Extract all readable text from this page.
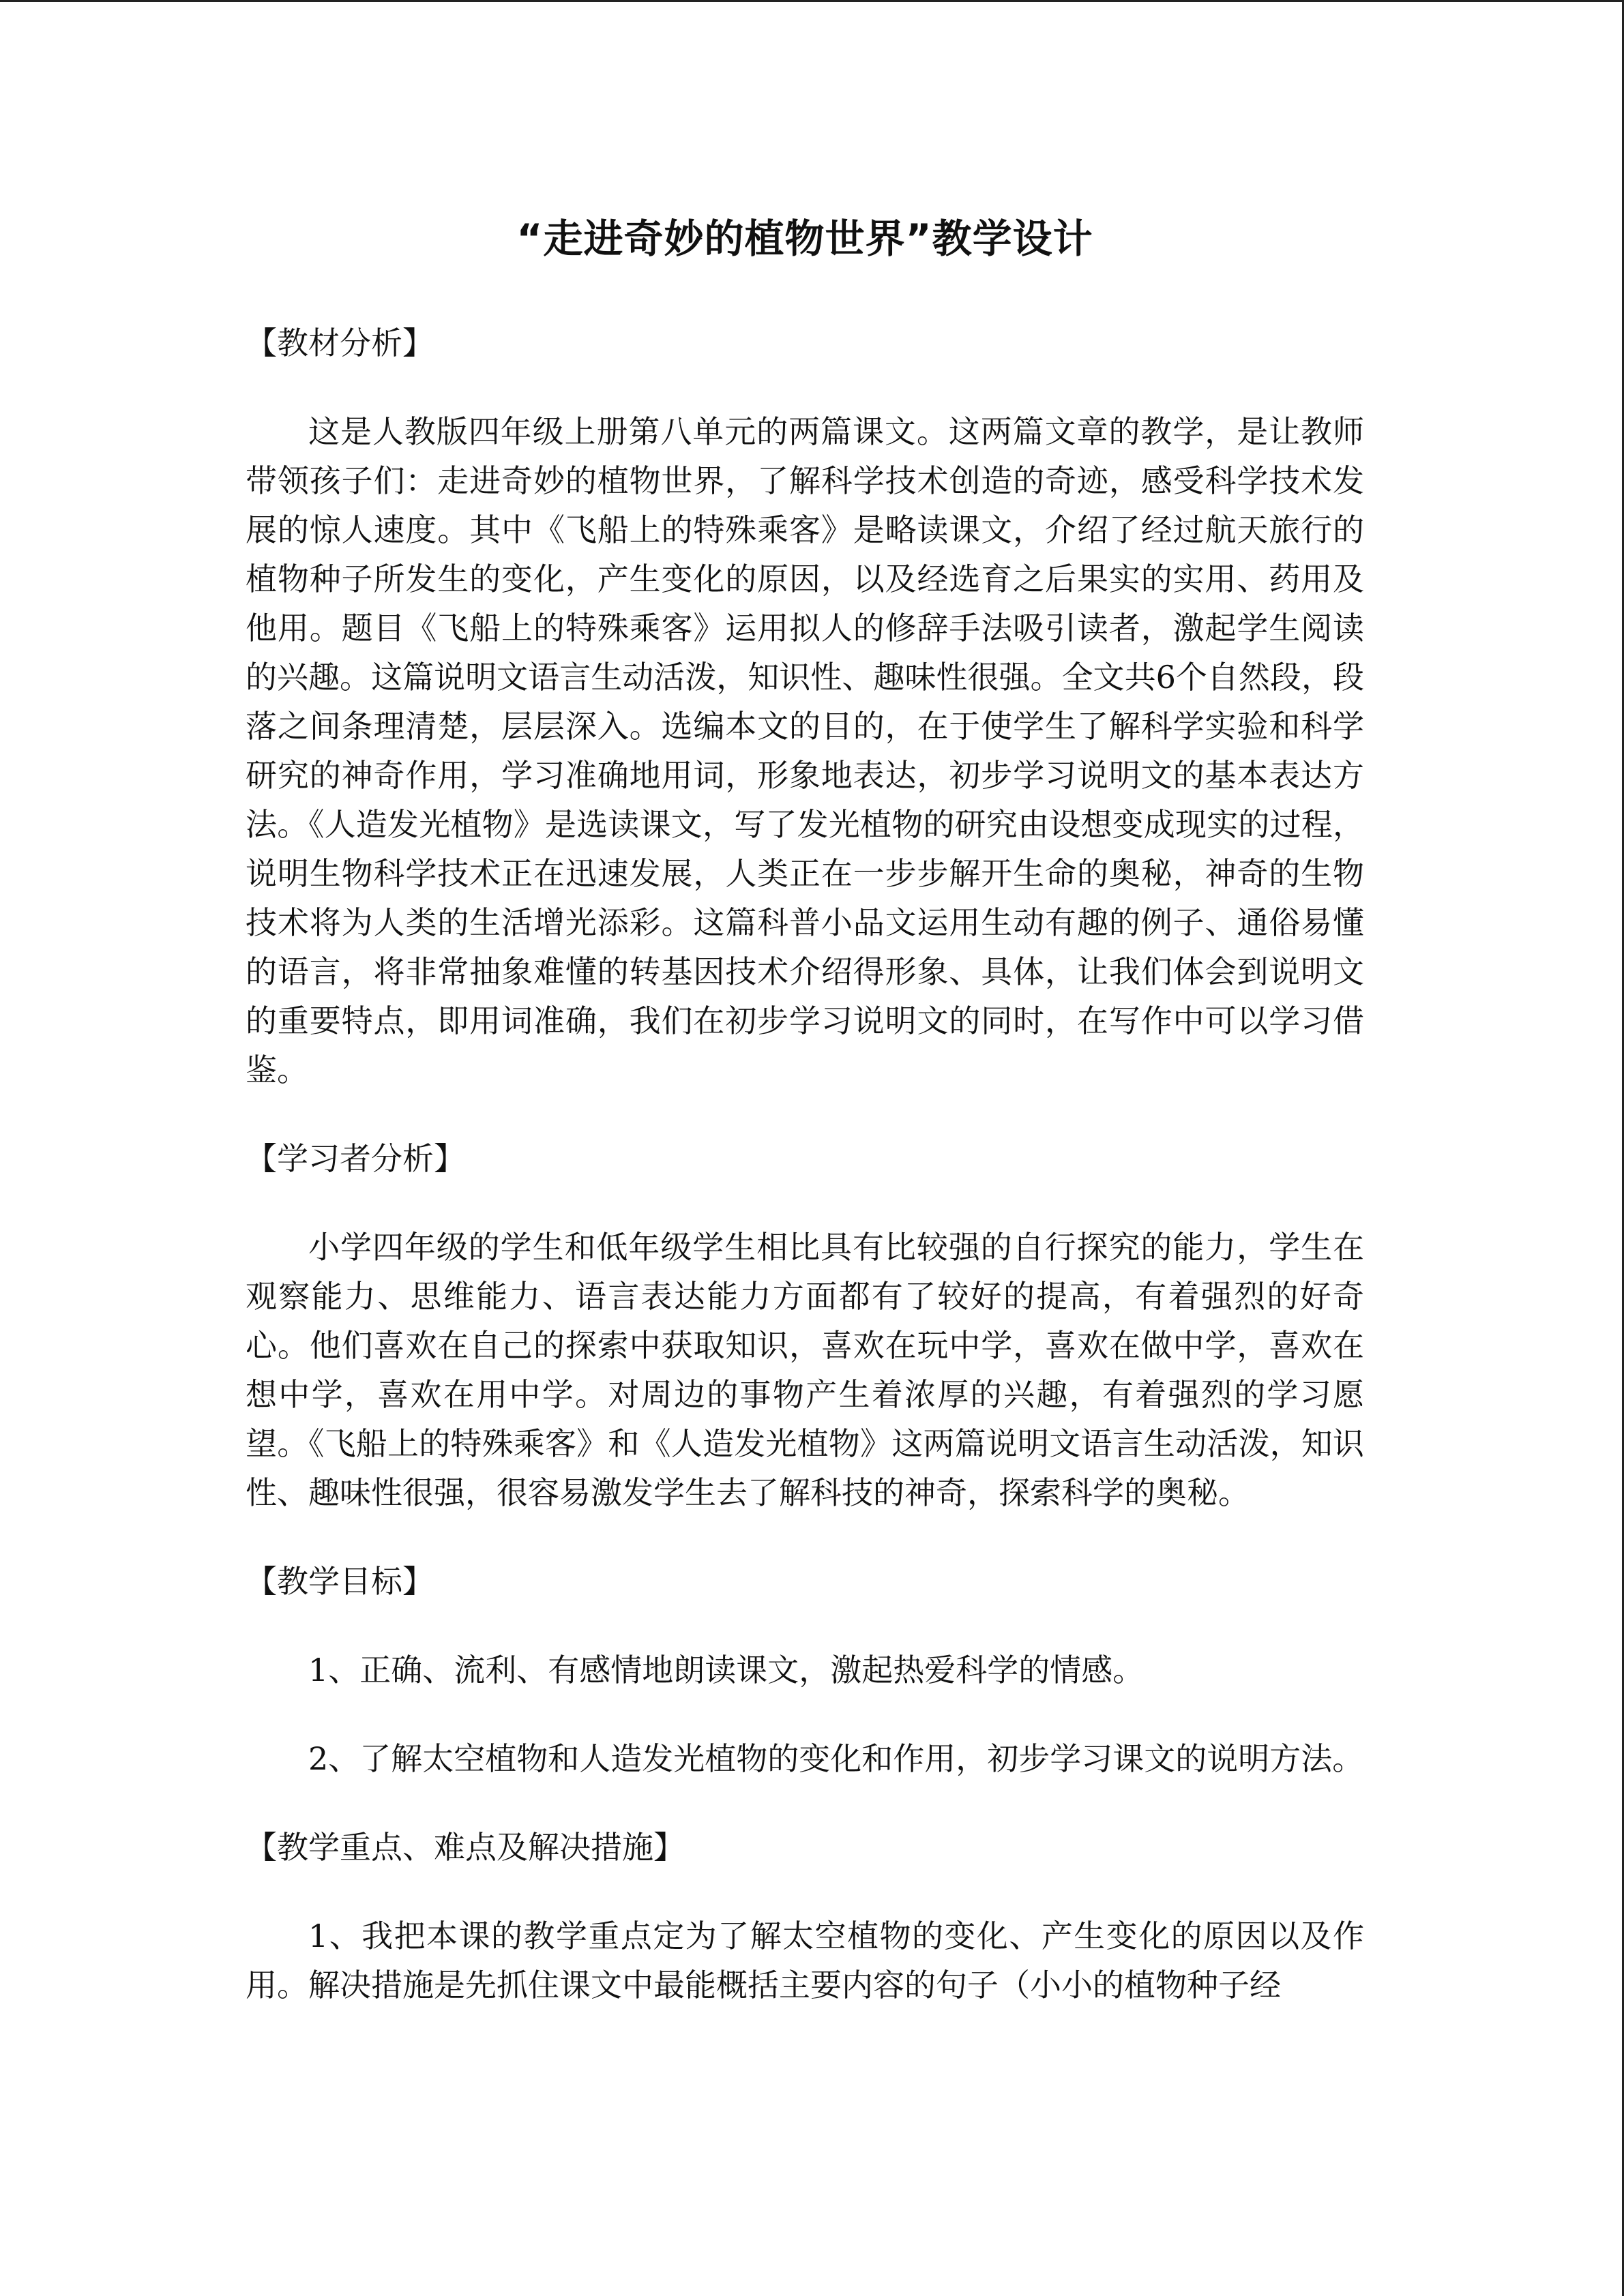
“走进奇妙的植物世界”教学设计
【教材分析】

这是人教版四年级上册第八单元的两篇课文。这两篇文章的教学，是让教师带领孩子们：走进奇妙的植物世界，了解科学技术创造的奇迹，感受科学技术发展的惊人速度。其中《飞船上的特殊乘客》是略读课文，介绍了经过航天旅行的植物种子所发生的变化，产生变化的原因，以及经选育之后果实的实用、药用及他用。题目《飞船上的特殊乘客》运用拟人的修辞手法吸引读者，激起学生阅读的兴趣。这篇说明文语言生动活泼，知识性、趣味性很强。全文共6个自然段，段落之间条理清楚，层层深入。选编本文的目的，在于使学生了解科学实验和科学研究的神奇作用，学习准确地用词，形象地表达，初步学习说明文的基本表达方法。《人造发光植物》是选读课文，写了发光植物的研究由设想变成现实的过程，说明生物科学技术正在迅速发展，人类正在一步步解开生命的奥秘，神奇的生物技术将为人类的生活增光添彩。这篇科普小品文运用生动有趣的例子、通俗易懂的语言，将非常抽象难懂的转基因技术介绍得形象、具体，让我们体会到说明文的重要特点，即用词准确，我们在初步学习说明文的同时，在写作中可以学习借鉴。

【学习者分析】

小学四年级的学生和低年级学生相比具有比较强的自行探究的能力，学生在观察能力、思维能力、语言表达能力方面都有了较好的提高，有着强烈的好奇心。他们喜欢在自己的探索中获取知识，喜欢在玩中学，喜欢在做中学，喜欢在想中学，喜欢在用中学。对周边的事物产生着浓厚的兴趣，有着强烈的学习愿望。《飞船上的特殊乘客》和《人造发光植物》这两篇说明文语言生动活泼，知识性、趣味性很强，很容易激发学生去了解科技的神奇，探索科学的奥秘。

【教学目标】

1、正确、流利、有感情地朗读课文，激起热爱科学的情感。

2、了解太空植物和人造发光植物的变化和作用，初步学习课文的说明方法。

【教学重点、难点及解决措施】

1、我把本课的教学重点定为了解太空植物的变化、产生变化的原因以及作用。解决措施是先抓住课文中最能概括主要内容的句子（小小的植物种子经
